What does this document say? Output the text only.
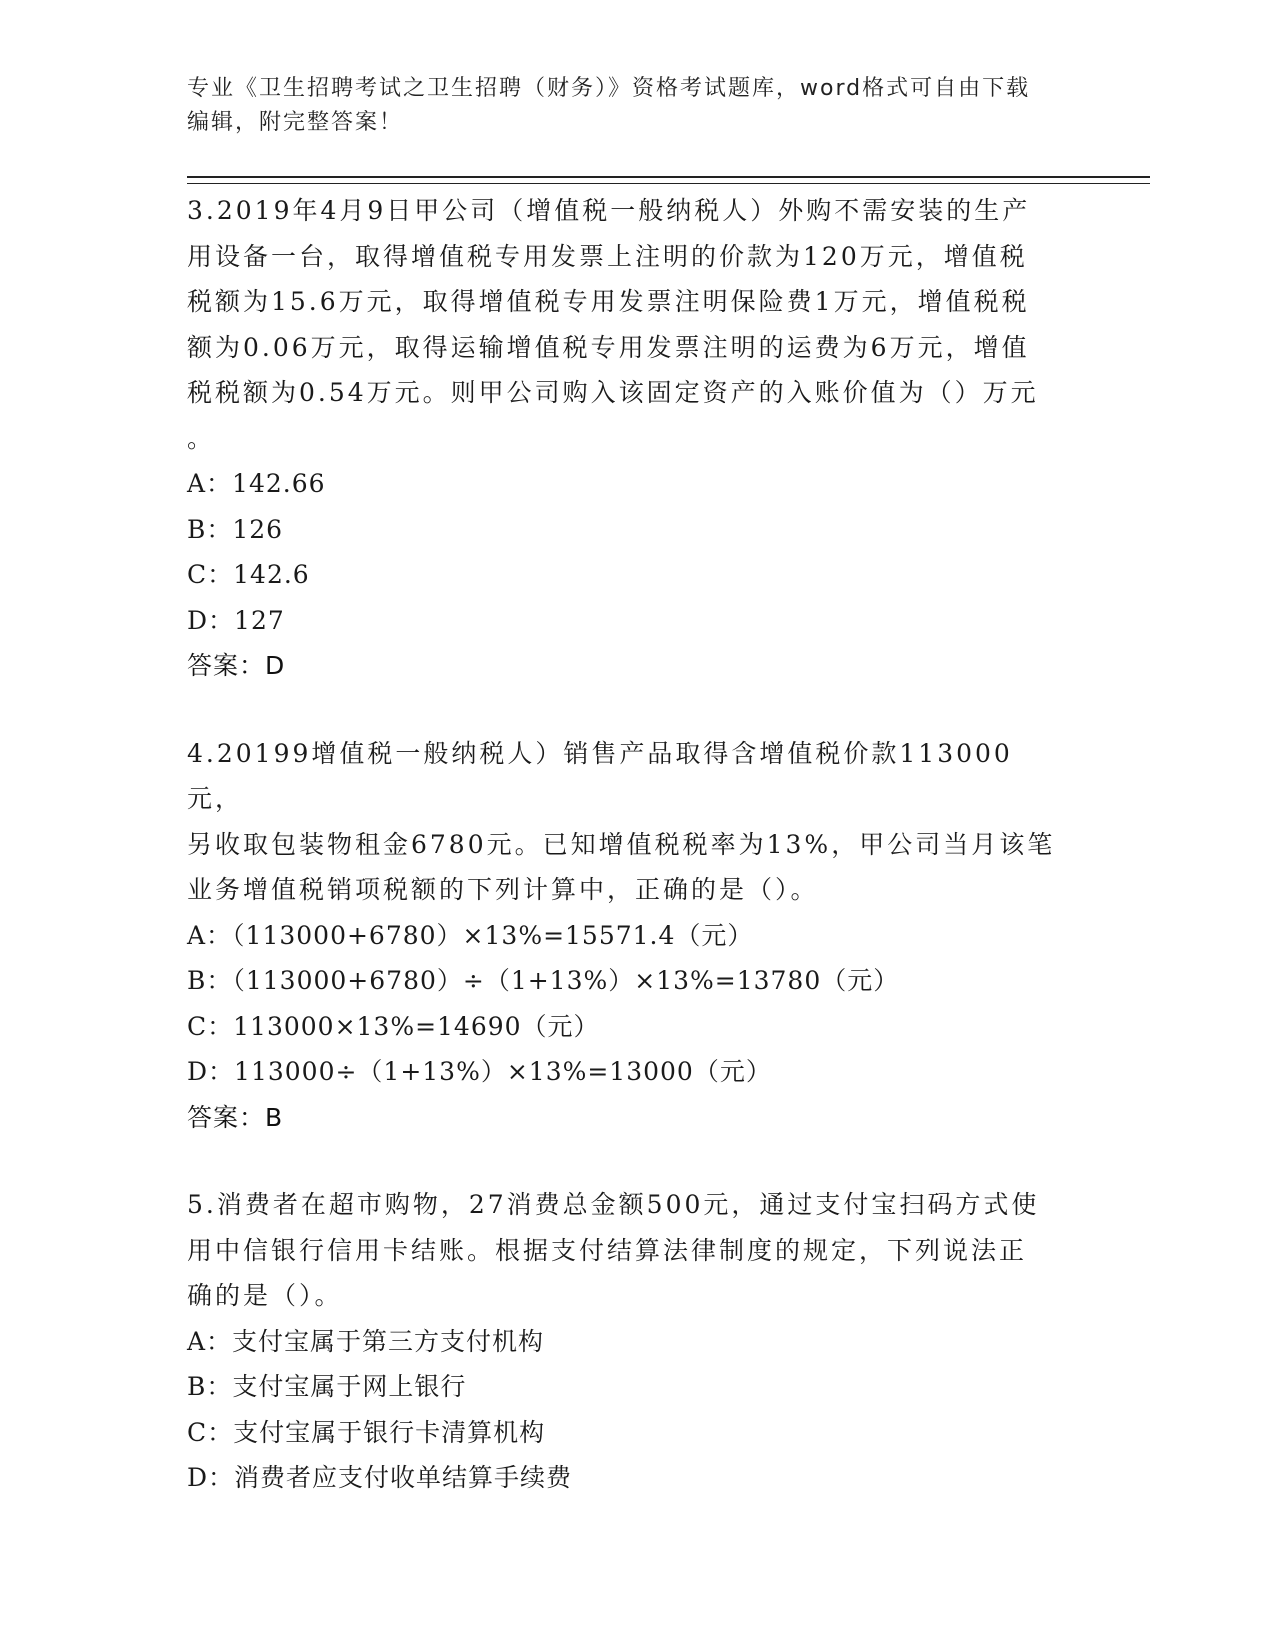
专业《卫生招聘考试之卫生招聘（财务）》资格考试题库，word格式可自由下载
编辑，附完整答案！

3.2019年4月9日甲公司（增值税一般纳税人）外购不需安装的生产

用设备一台，取得增值税专用发票上注明的价款为120万元，增值税

税额为15.6万元，取得增值税专用发票注明保险费1万元，增值税税

额为0.06万元，取得运输增值税专用发票注明的运费为6万元，增值

税税额为0.54万元。则甲公司购入该固定资产的入账价值为（）万元

。

A：142.66

B：126

C：142.6

D：127

答案：D

4.20199增值税一般纳税人）销售产品取得含增值税价款113000元，

另收取包装物租金6780元。已知增值税税率为13%，甲公司当月该笔

业务增值税销项税额的下列计算中，正确的是（）。

A：（113000+6780）×13%=15571.4（元）

B：（113000+6780）÷（1+13%）×13%=13780（元）

C：113000×13%=14690（元）

D：113000÷（1+13%）×13%=13000（元）

答案：B

5.消费者在超市购物，27消费总金额500元，通过支付宝扫码方式使

用中信银行信用卡结账。根据支付结算法律制度的规定，下列说法正

确的是（）。

A：支付宝属于第三方支付机构

B：支付宝属于网上银行

C：支付宝属于银行卡清算机构

D：消费者应支付收单结算手续费
